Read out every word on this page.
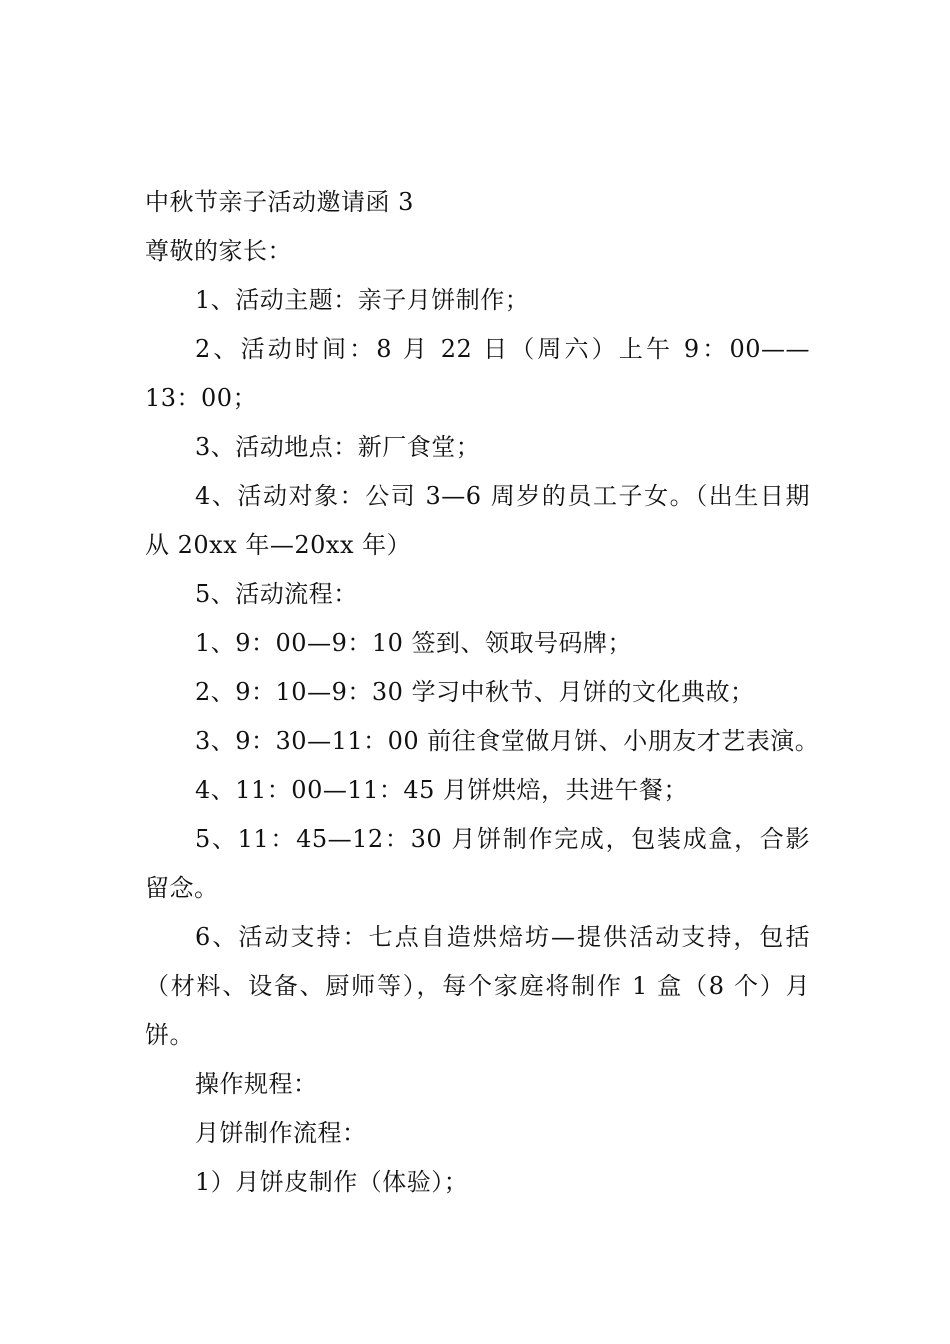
中秋节亲子活动邀请函 3
尊敬的家长：
1、活动主题：亲子月饼制作；
2、活动时间：8 月 22 日（周六）上午 9：00——13：00；
3、活动地点：新厂食堂；
4、活动对象：公司 3—6 周岁的员工子女。（出生日期从 20xx 年—20xx 年）
5、活动流程：
1、9：00—9：10 签到、领取号码牌；
2、9：10—9：30 学习中秋节、月饼的文化典故；
3、9：30—11：00 前往食堂做月饼、小朋友才艺表演。
4、11：00—11：45 月饼烘焙，共进午餐；
5、11：45—12：30 月饼制作完成，包装成盒，合影留念。
6、活动支持：七点自造烘焙坊—提供活动支持，包括（材料、设备、厨师等），每个家庭将制作 1 盒（8 个）月饼。
操作规程：
月饼制作流程：
1）月饼皮制作（体验）；
